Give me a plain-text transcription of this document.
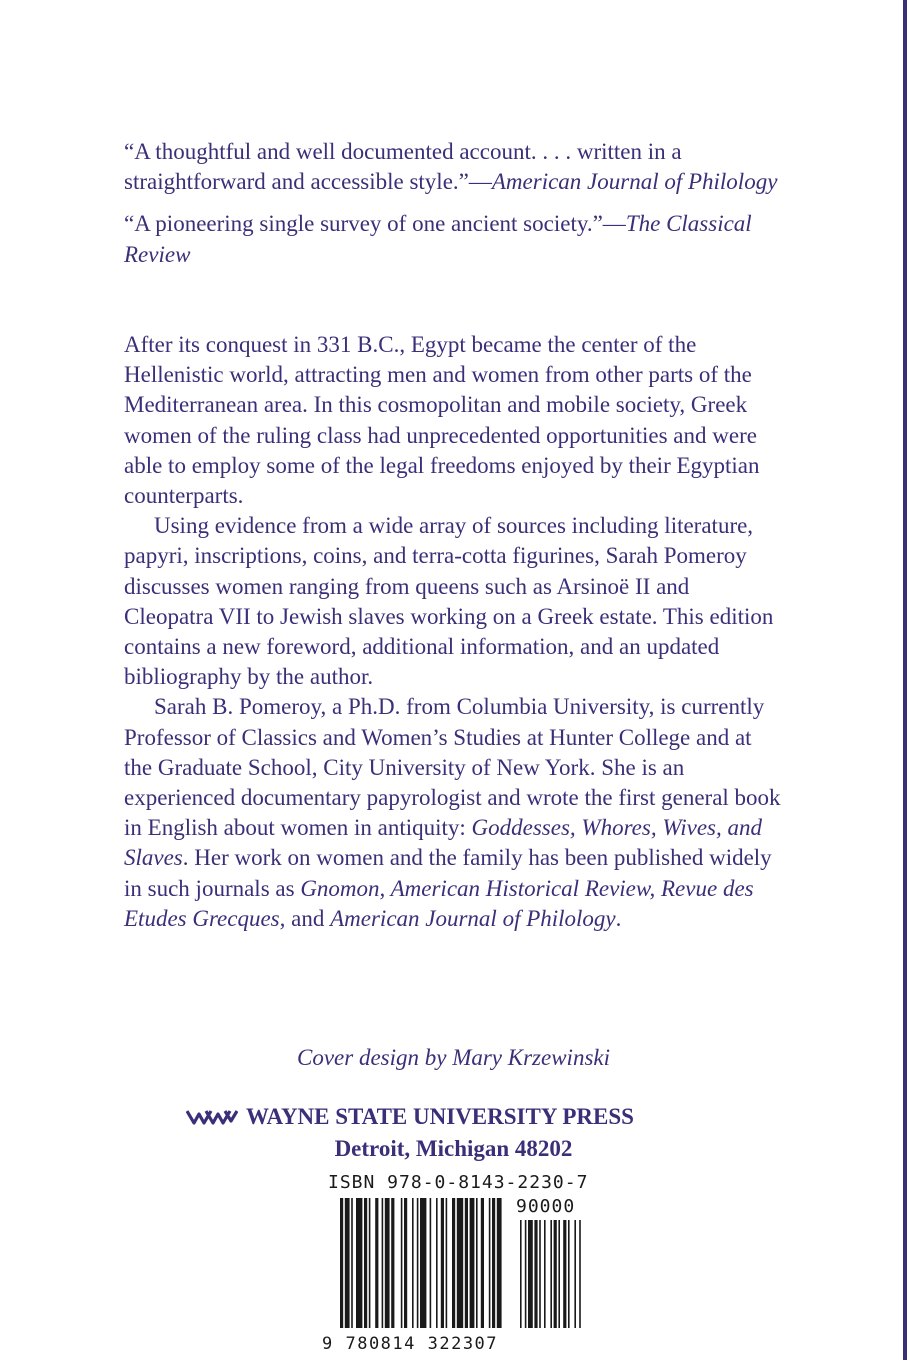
“A thoughtful and well documented account. . . . written in a straightforward and accessible style.”—American Journal of Philology

“A pioneering single survey of one ancient society.”—The Classical Review

After its conquest in 331 B.C., Egypt became the center of the Hellenistic world, attracting men and women from other parts of the Mediterranean area. In this cosmopolitan and mobile society, Greek women of the ruling class had unprecedented opportunities and were able to employ some of the legal freedoms enjoyed by their Egyptian counterparts.

Using evidence from a wide array of sources including literature, papyri, inscriptions, coins, and terra-cotta figurines, Sarah Pomeroy discusses women ranging from queens such as Arsinoë II and Cleopatra VII to Jewish slaves working on a Greek estate. This edition contains a new foreword, additional information, and an updated bibliography by the author.

Sarah B. Pomeroy, a Ph.D. from Columbia University, is currently Professor of Classics and Women’s Studies at Hunter College and at the Graduate School, City University of New York. She is an experienced documentary papyrologist and wrote the first general book in English about women in antiquity: Goddesses, Whores, Wives, and Slaves. Her work on women and the family has been published widely in such journals as Gnomon, American Historical Review, Revue des Etudes Grecques, and American Journal of Philology.

Cover design by Mary Krzewinski
WAYNE STATE UNIVERSITY PRESS
Detroit, Michigan 48202
ISBN 978-0-8143-2230-7
90000
9 780814 322307
